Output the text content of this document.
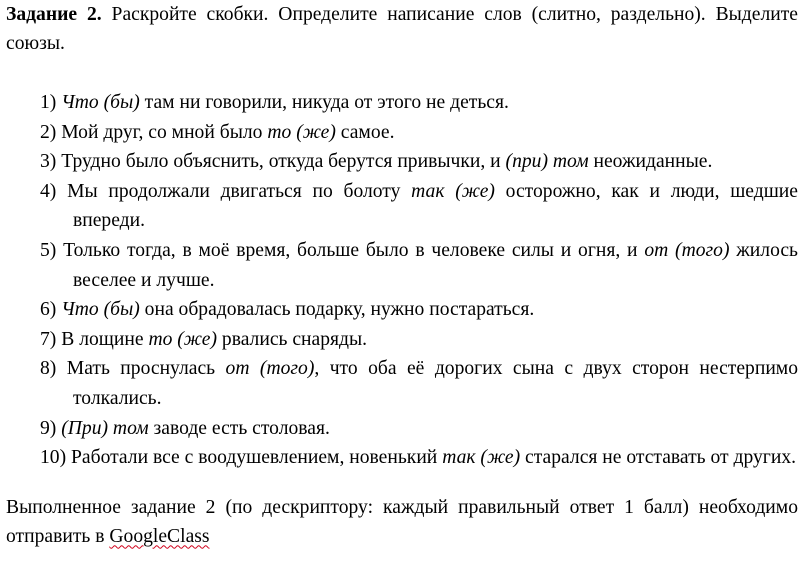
Задание 2. Раскройте скобки. Определите написание слов (слитно, раздельно). Выделите союзы.

1) Что (бы) там ни говорили, никуда от этого не деться.
2) Мой друг, со мной было то (же) самое.
3) Трудно было объяснить, откуда берутся привычки, и (при) том неожиданные.
4) Мы продолжали двигаться по болоту так (же) осторожно, как и люди, шедшие впереди.
5) Только тогда, в моё время, больше было в человеке силы и огня, и от (того) жилось веселее и лучше.
6) Что (бы) она обрадовалась подарку, нужно постараться.
7) В лощине то (же) рвались снаряды.
8) Мать проснулась от (того), что оба её дорогих сына с двух сторон нестерпимо толкались.
9) (При) том заводе есть столовая.
10) Работали все с воодушевлением, новенький так (же) старался не отставать от других.

Выполненное задание 2 (по дескриптору: каждый правильный ответ 1 балл) необходимо отправить в GoogleClass
